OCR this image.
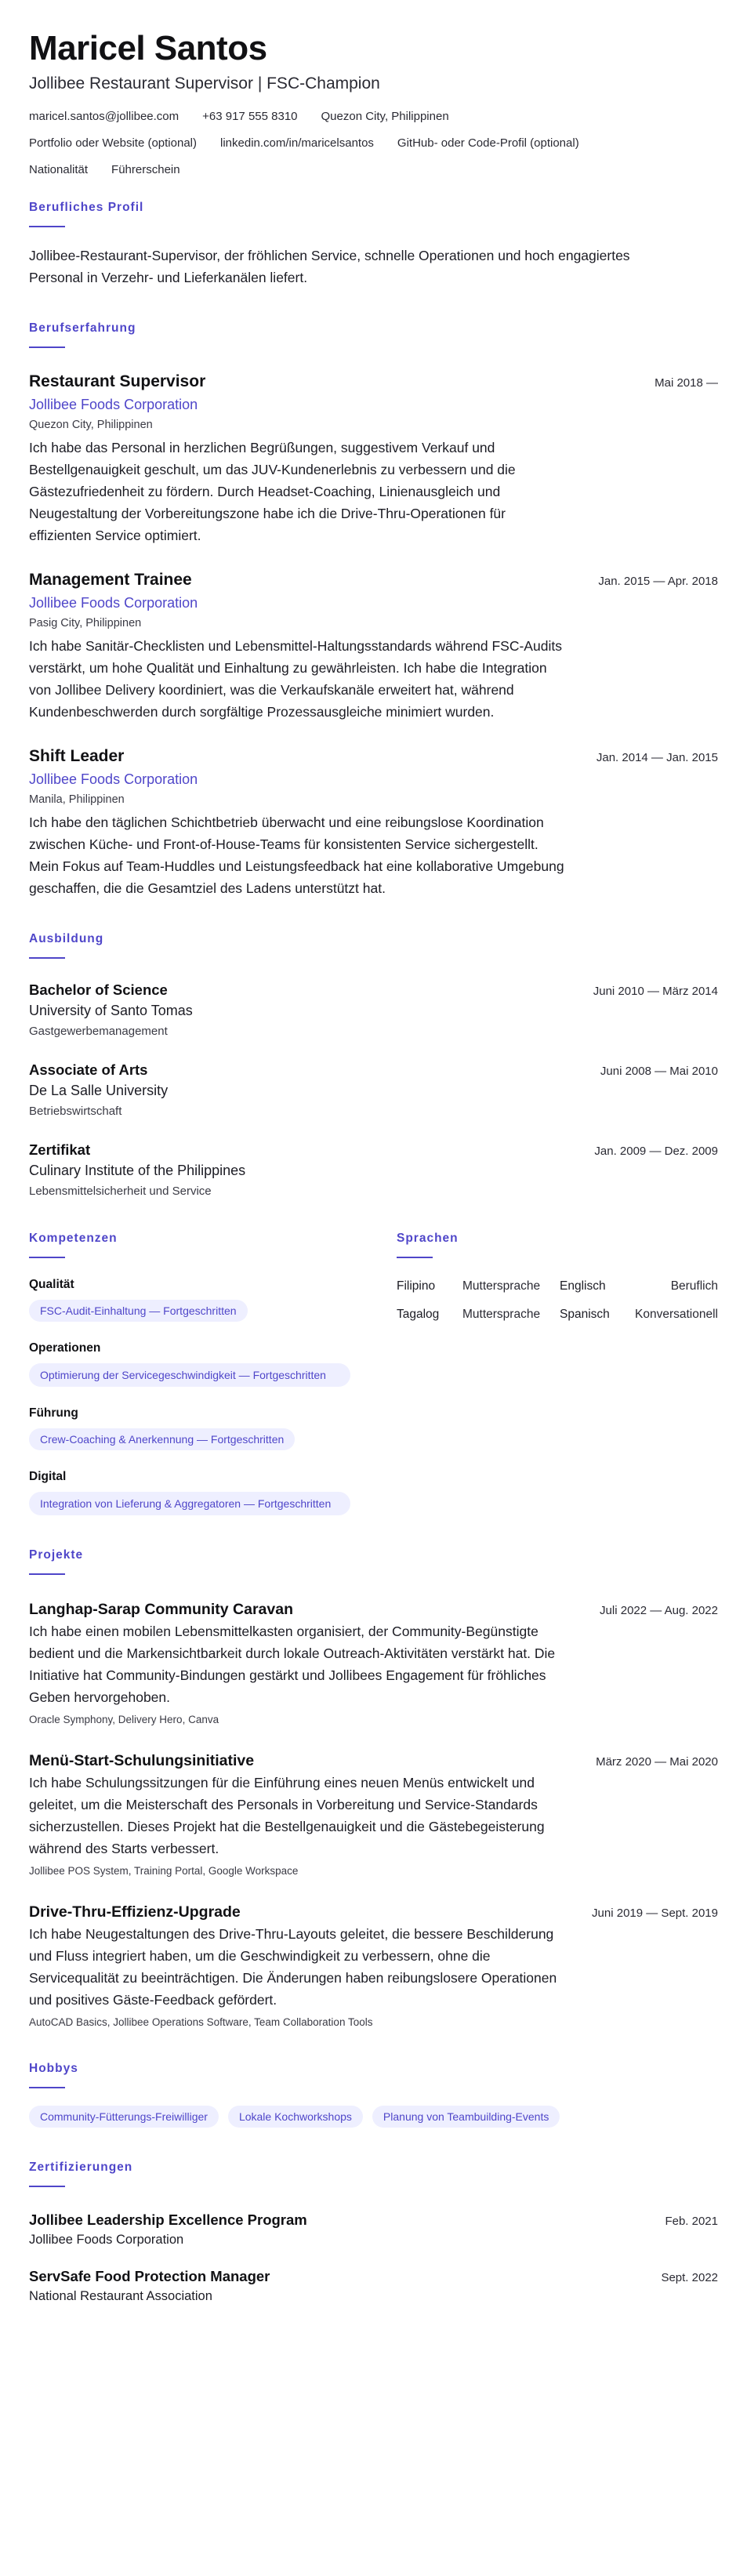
Maricel Santos
Jollibee Restaurant Supervisor | FSC-Champion
maricel.santos@jollibee.com +63 917 555 8310 Quezon City, Philippinen
Portfolio oder Website (optional) linkedin.com/in/maricelsantos GitHub- oder Code-Profil (optional)
Nationalität Führerschein
Berufliches Profil

Jollibee-Restaurant-Supervisor, der fröhlichen Service, schnelle Operationen und hoch engagiertes Personal in Verzehr- und Lieferkanälen liefert.

Berufserfahrung
Restaurant Supervisor	Mai 2018 —
Jollibee Foods Corporation
Quezon City, Philippinen

Ich habe das Personal in herzlichen Begrüßungen, suggestivem Verkauf und Bestellgenauigkeit geschult, um das JUV-Kundenerlebnis zu verbessern und die Gästezufriedenheit zu fördern. Durch Headset-Coaching, Linienausgleich und Neugestaltung der Vorbereitungszone habe ich die Drive-Thru-Operationen für effizienten Service optimiert.

Management Trainee	Jan. 2015 — Apr. 2018
Jollibee Foods Corporation
Pasig City, Philippinen

Ich habe Sanitär-Checklisten und Lebensmittel-Haltungsstandards während FSC-Audits verstärkt, um hohe Qualität und Einhaltung zu gewährleisten. Ich habe die Integration von Jollibee Delivery koordiniert, was die Verkaufskanäle erweitert hat, während Kundenbeschwerden durch sorgfältige Prozessausgleiche minimiert wurden.

Shift Leader	Jan. 2014 — Jan. 2015
Jollibee Foods Corporation
Manila, Philippinen

Ich habe den täglichen Schichtbetrieb überwacht und eine reibungslose Koordination zwischen Küche- und Front-of-House-Teams für konsistenten Service sichergestellt. Mein Fokus auf Team-Huddles und Leistungsfeedback hat eine kollaborative Umgebung geschaffen, die die Gesamtziel des Ladens unterstützt hat.

Ausbildung
Bachelor of Science	Juni 2010 — März 2014
University of Santo Tomas
Gastgewerbemanagement
Associate of Arts	Juni 2008 — Mai 2010
De La Salle University
Betriebswirtschaft
Zertifikat	Jan. 2009 — Dez. 2009
Culinary Institute of the Philippines
Lebensmittelsicherheit und Service
Kompetenzen
Qualität
FSC-Audit-Einhaltung — Fortgeschritten
Operationen
Optimierung der Servicegeschwindigkeit — Fortgeschritten
Führung
Crew-Coaching & Anerkennung — Fortgeschritten
Digital
Integration von Lieferung & Aggregatoren — Fortgeschritten
Sprachen
Filipino	Muttersprache	Englisch	Beruflich
Tagalog	Muttersprache	Spanisch	Konversationell
Projekte
Langhap-Sarap Community Caravan	Juli 2022 — Aug. 2022

Ich habe einen mobilen Lebensmittelkasten organisiert, der Community-Begünstigte bedient und die Markensichtbarkeit durch lokale Outreach-Aktivitäten verstärkt hat. Die Initiative hat Community-Bindungen gestärkt und Jollibees Engagement für fröhliches Geben hervorgehoben.

Oracle Symphony, Delivery Hero, Canva
Menü-Start-Schulungsinitiative	März 2020 — Mai 2020

Ich habe Schulungssitzungen für die Einführung eines neuen Menüs entwickelt und geleitet, um die Meisterschaft des Personals in Vorbereitung und Service-Standards sicherzustellen. Dieses Projekt hat die Bestellgenauigkeit und die Gästebegeisterung während des Starts verbessert.

Jollibee POS System, Training Portal, Google Workspace
Drive-Thru-Effizienz-Upgrade	Juni 2019 — Sept. 2019

Ich habe Neugestaltungen des Drive-Thru-Layouts geleitet, die bessere Beschilderung und Fluss integriert haben, um die Geschwindigkeit zu verbessern, ohne die Servicequalität zu beeinträchtigen. Die Änderungen haben reibungslosere Operationen und positives Gäste-Feedback gefördert.

AutoCAD Basics, Jollibee Operations Software, Team Collaboration Tools
Hobbys
Community-Fütterungs-Freiwilliger	Lokale Kochworkshops	Planung von Teambuilding-Events
Zertifizierungen
Jollibee Leadership Excellence Program	Feb. 2021
Jollibee Foods Corporation
ServSafe Food Protection Manager	Sept. 2022
National Restaurant Association
